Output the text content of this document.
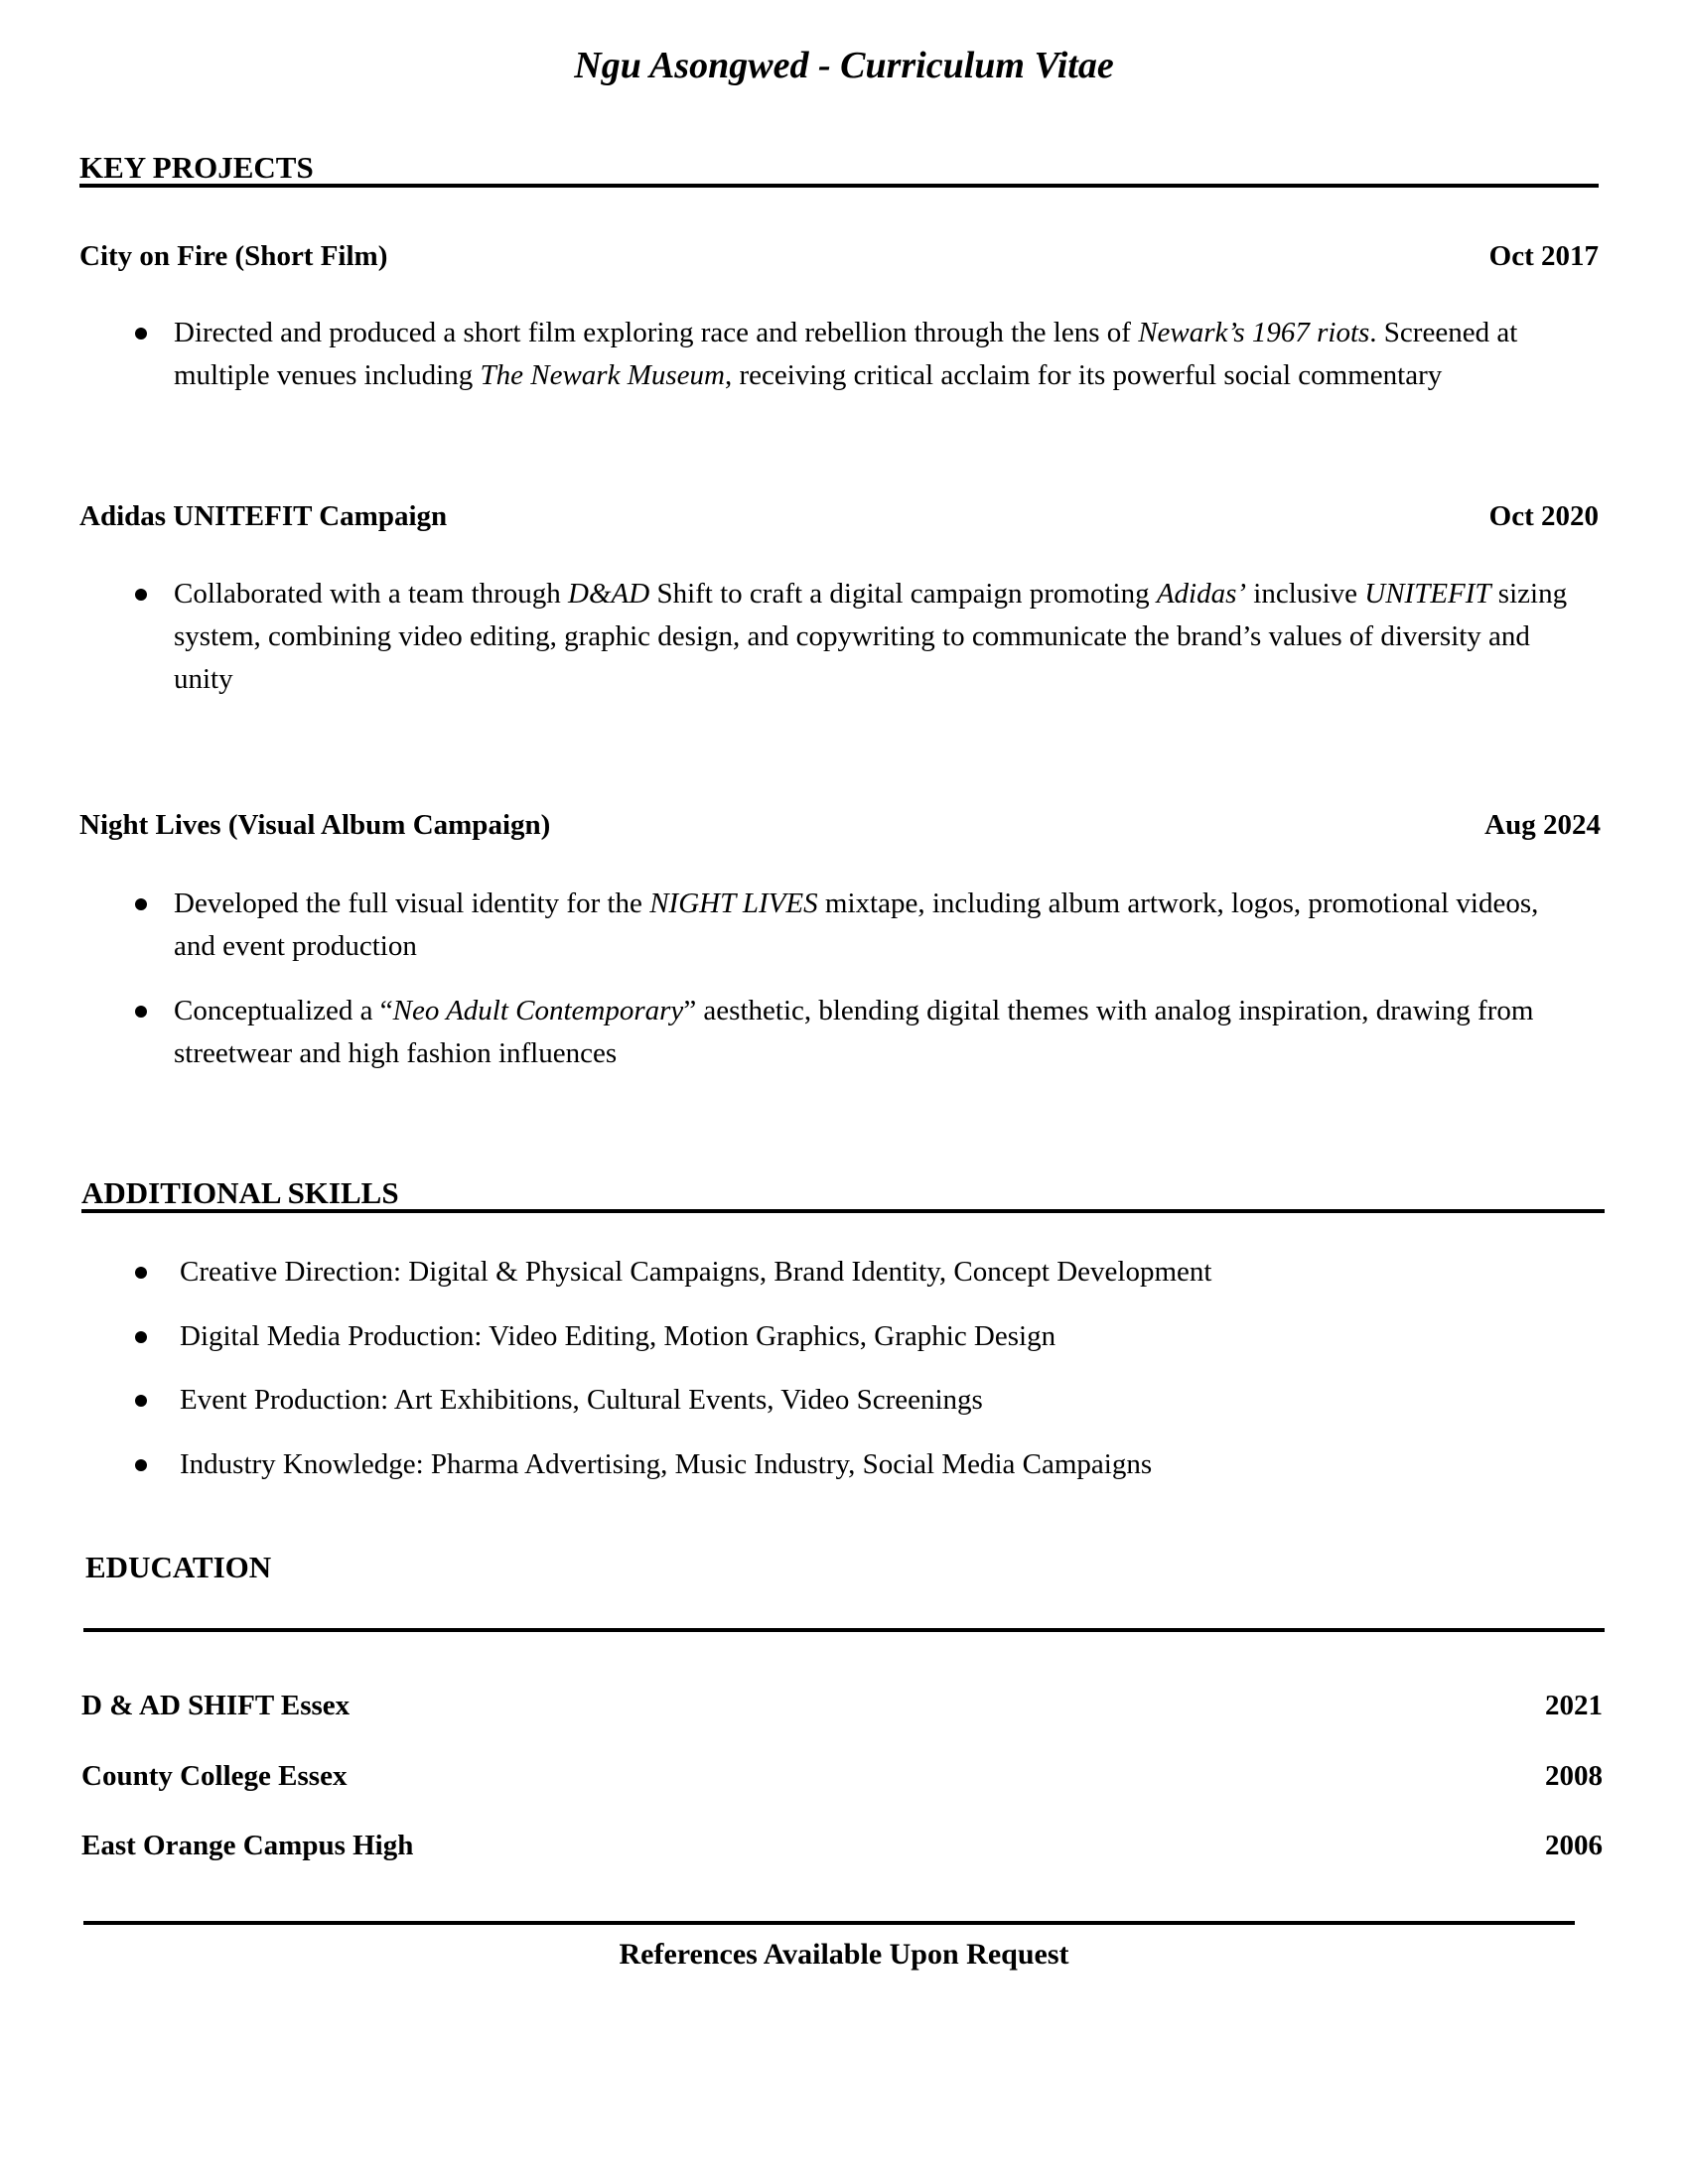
Ngu Asongwed - Curriculum Vitae
KEY PROJECTS
City on Fire (Short Film)	Oct 2017
Directed and produced a short film exploring race and rebellion through the lens of Newark’s 1967 riots. Screened at multiple venues including The Newark Museum, receiving critical acclaim for its powerful social commentary
Adidas UNITEFIT Campaign	Oct 2020
Collaborated with a team through D&AD Shift to craft a digital campaign promoting Adidas’ inclusive UNITEFIT sizing system, combining video editing, graphic design, and copywriting to communicate the brand’s values of diversity and unity
Night Lives (Visual Album Campaign)	Aug 2024
Developed the full visual identity for the NIGHT LIVES mixtape, including album artwork, logos, promotional videos, and event production
Conceptualized a “Neo Adult Contemporary” aesthetic, blending digital themes with analog inspiration, drawing from streetwear and high fashion influences
ADDITIONAL SKILLS
Creative Direction: Digital & Physical Campaigns, Brand Identity, Concept Development
Digital Media Production: Video Editing, Motion Graphics, Graphic Design
Event Production: Art Exhibitions, Cultural Events, Video Screenings
Industry Knowledge: Pharma Advertising, Music Industry, Social Media Campaigns
EDUCATION
D & AD SHIFT Essex	2021
County College Essex	2008
East Orange Campus High	2006
References Available Upon Request
